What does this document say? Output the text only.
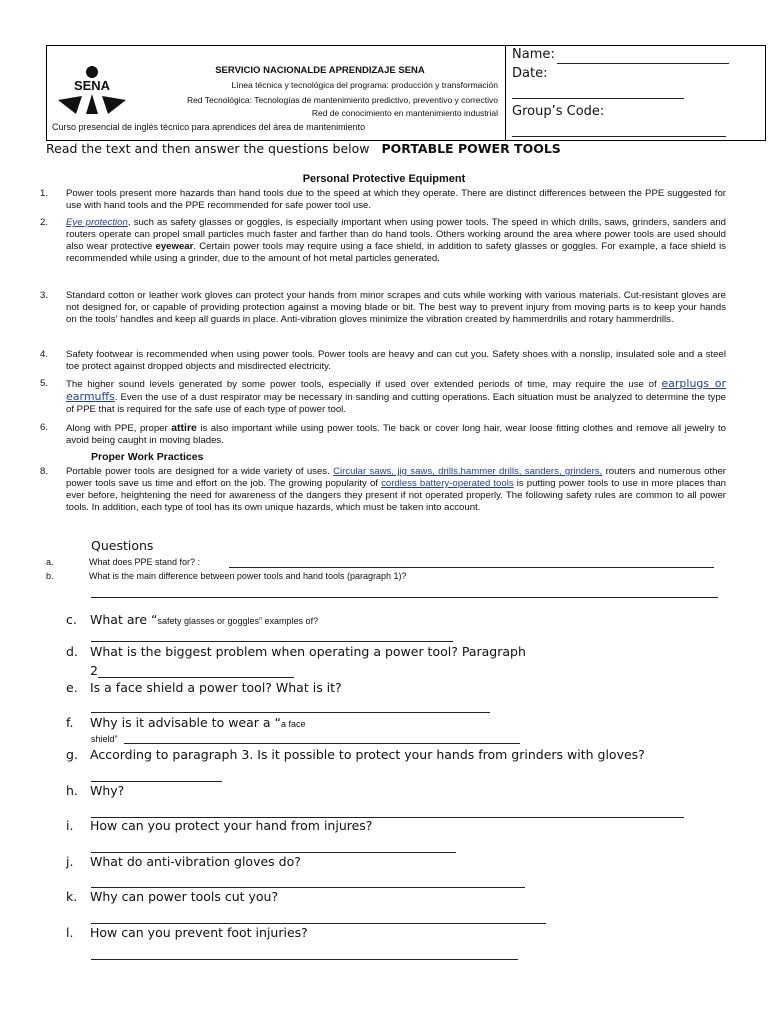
SENA
SERVICIO NACIONALDE APRENDIZAJE SENA
Línea técnica y tecnológica del programa: producción y transformación
Red Tecnológica: Tecnologías de mantenimiento predictivo, preventivo y correctivo
Red de conocimiento en mantenimiento industrial
Curso presencial de inglés técnico para aprendices del área de mantenimiento
Name:
Date:
Group’s Code:
Read the text and then answer the questions below PORTABLE POWER TOOLS
Personal Protective Equipment
1. Power tools present more hazards than hand tools due to the speed at which they operate. There are distinct differences between the PPE suggested for use with hand tools and the PPE recommended for safe power tool use.
2. Eye protection, such as safety glasses or goggles, is especially important when using power tools. The speed in which drills, saws, grinders, sanders and routers operate can propel small particles much faster and farther than do hand tools. Others working around the area where power tools are used should also wear protective eyewear. Certain power tools may require using a face shield, in addition to safety glasses or goggles. For example, a face shield is recommended while using a grinder, due to the amount of hot metal particles generated.
3. Standard cotton or leather work gloves can protect your hands from minor scrapes and cuts while working with various materials. Cut-resistant gloves are not designed for, or capable of providing protection against a moving blade or bit. The best way to prevent injury from moving parts is to keep your hands on the tools' handles and keep all guards in place. Anti-vibration gloves minimize the vibration created by hammerdrills and rotary hammerdrills.
4. Safety footwear is recommended when using power tools. Power tools are heavy and can cut you. Safety shoes with a nonslip, insulated sole and a steel toe protect against dropped objects and misdirected electricity.
5. The higher sound levels generated by some power tools, especially if used over extended periods of time, may require the use of earplugs or earmuffs. Even the use of a dust respirator may be necessary in sanding and cutting operations. Each situation must be analyzed to determine the type of PPE that is required for the safe use of each type of power tool.
6. Along with PPE, proper attire is also important while using power tools. Tie back or cover long hair, wear loose fitting clothes and remove all jewelry to avoid being caught in moving blades.
Proper Work Practices
8. Portable power tools are designed for a wide variety of uses. Circular saws, jig saws, drills,hammer drills, sanders, grinders, routers and numerous other power tools save us time and effort on the job. The growing popularity of cordless battery-operated tools is putting power tools to use in more places than ever before, heightening the need for awareness of the dangers they present if not operated properly. The following safety rules are common to all power tools. In addition, each type of tool has its own unique hazards, which must be taken into account.
Questions
a.	What does PPE stand for? :
b.	What is the main difference between power tools and hand tools (paragraph 1)?
c. What are “safety glasses or goggles” examples of?
d. What is the biggest problem when operating a power tool? Paragraph
2
e. Is a face shield a power tool? What is it?
f. Why is it advisable to wear a “a face
shield”
g. According to paragraph 3. Is it possible to protect your hands from grinders with gloves?
h. Why?
i. How can you protect your hand from injures?
j. What do anti-vibration gloves do?
k. Why can power tools cut you?
l. How can you prevent foot injuries?
